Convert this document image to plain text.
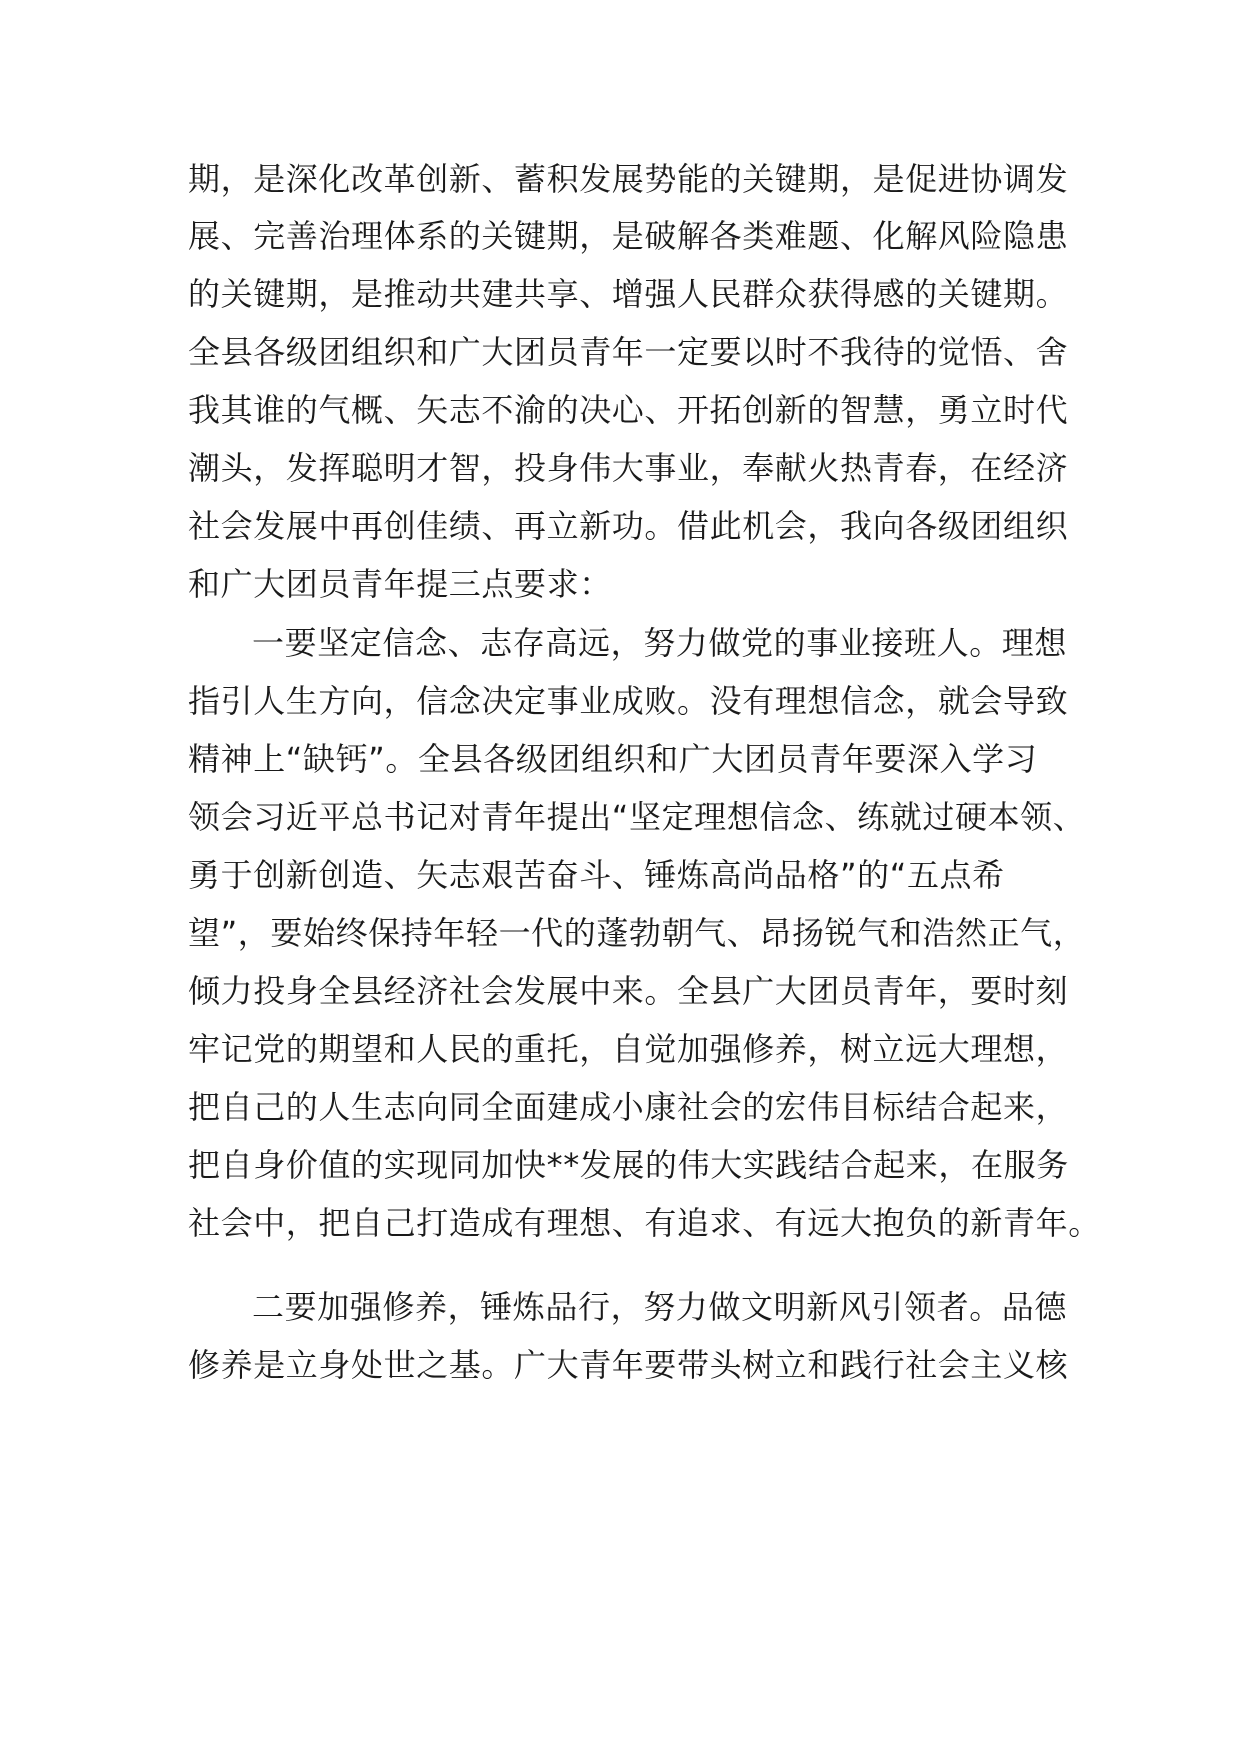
期，是深化改革创新、蓄积发展势能的关键期，是促进协调发
展、完善治理体系的关键期，是破解各类难题、化解风险隐患
的关键期，是推动共建共享、增强人民群众获得感的关键期。
全县各级团组织和广大团员青年一定要以时不我待的觉悟、舍
我其谁的气概、矢志不渝的决心、开拓创新的智慧，勇立时代
潮头，发挥聪明才智，投身伟大事业，奉献火热青春，在经济
社会发展中再创佳绩、再立新功。借此机会，我向各级团组织
和广大团员青年提三点要求：
一要坚定信念、志存高远，努力做党的事业接班人。理想
指引人生方向，信念决定事业成败。没有理想信念，就会导致
精神上“缺钙”。全县各级团组织和广大团员青年要深入学习
领会习近平总书记对青年提出“坚定理想信念、练就过硬本领、
勇于创新创造、矢志艰苦奋斗、锤炼高尚品格”的“五点希
望”，要始终保持年轻一代的蓬勃朝气、昂扬锐气和浩然正气，
倾力投身全县经济社会发展中来。全县广大团员青年，要时刻
牢记党的期望和人民的重托，自觉加强修养，树立远大理想，
把自己的人生志向同全面建成小康社会的宏伟目标结合起来，
把自身价值的实现同加快**发展的伟大实践结合起来，在服务
社会中，把自己打造成有理想、有追求、有远大抱负的新青年。
二要加强修养，锤炼品行，努力做文明新风引领者。品德
修养是立身处世之基。广大青年要带头树立和践行社会主义核
